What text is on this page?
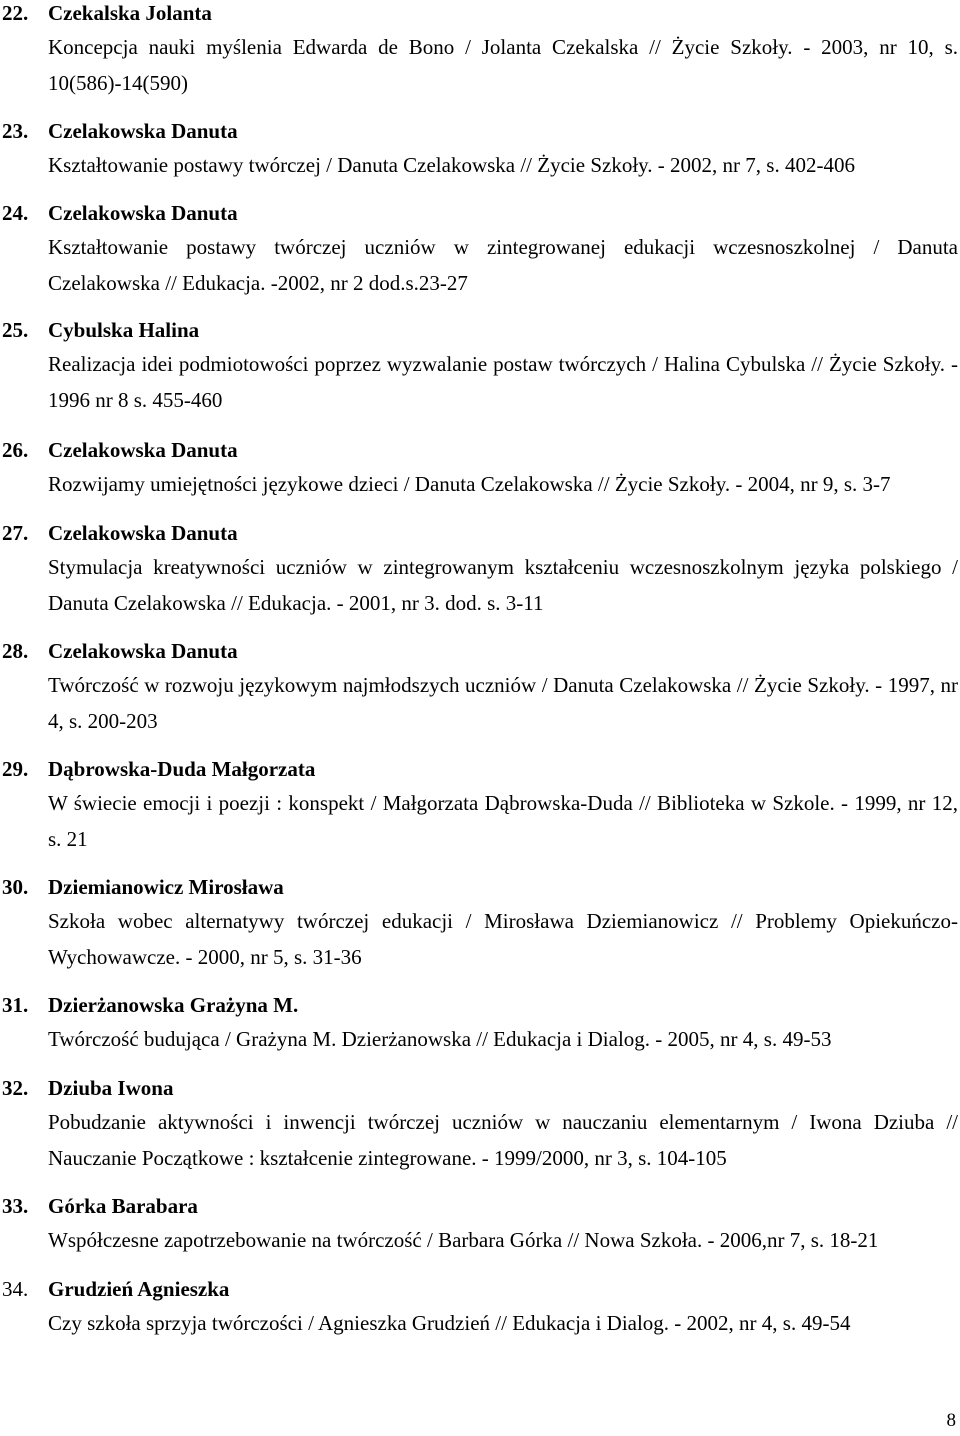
22. Czekalska Jolanta
Koncepcja nauki myślenia Edwarda de Bono / Jolanta Czekalska // Życie Szkoły. - 2003, nr 10, s. 10(586)-14(590)
23. Czelakowska Danuta
Kształtowanie postawy twórczej / Danuta Czelakowska // Życie Szkoły. - 2002, nr 7, s. 402-406
24. Czelakowska Danuta
Kształtowanie postawy twórczej uczniów w zintegrowanej edukacji wczesnoszkolnej / Danuta Czelakowska // Edukacja. -2002, nr 2 dod.s.23-27
25. Cybulska Halina
Realizacja idei podmiotowości poprzez wyzwalanie postaw twórczych / Halina Cybulska // Życie Szkoły. - 1996 nr 8 s. 455-460
26. Czelakowska Danuta
Rozwijamy umiejętności językowe dzieci / Danuta Czelakowska // Życie Szkoły. - 2004, nr 9, s. 3-7
27. Czelakowska Danuta
Stymulacja kreatywności uczniów w zintegrowanym kształceniu wczesnoszkolnym języka polskiego / Danuta Czelakowska // Edukacja. - 2001, nr 3. dod. s. 3-11
28. Czelakowska Danuta
Twórczość w rozwoju językowym najmłodszych uczniów / Danuta Czelakowska // Życie Szkoły. - 1997, nr 4, s. 200-203
29. Dąbrowska-Duda Małgorzata
W świecie emocji i poezji : konspekt / Małgorzata Dąbrowska-Duda // Biblioteka w Szkole. - 1999, nr 12, s. 21
30. Dziemianowicz Mirosława
Szkoła wobec alternatywy twórczej edukacji / Mirosława Dziemianowicz // Problemy Opiekuńczo-Wychowawcze. - 2000, nr 5, s. 31-36
31. Dzierżanowska Grażyna M.
Twórczość budująca / Grażyna M. Dzierżanowska // Edukacja i Dialog. - 2005, nr 4, s. 49-53
32. Dziuba Iwona
Pobudzanie aktywności i inwencji twórczej uczniów w nauczaniu elementarnym / Iwona Dziuba // Nauczanie Początkowe : kształcenie zintegrowane. - 1999/2000, nr 3, s. 104-105
33. Górka Barabara
Współczesne zapotrzebowanie na twórczość / Barbara Górka // Nowa Szkoła. - 2006,nr 7, s. 18-21
34. Grudzień Agnieszka
Czy szkoła sprzyja twórczości / Agnieszka Grudzień // Edukacja i Dialog. - 2002, nr 4, s. 49-54
8
